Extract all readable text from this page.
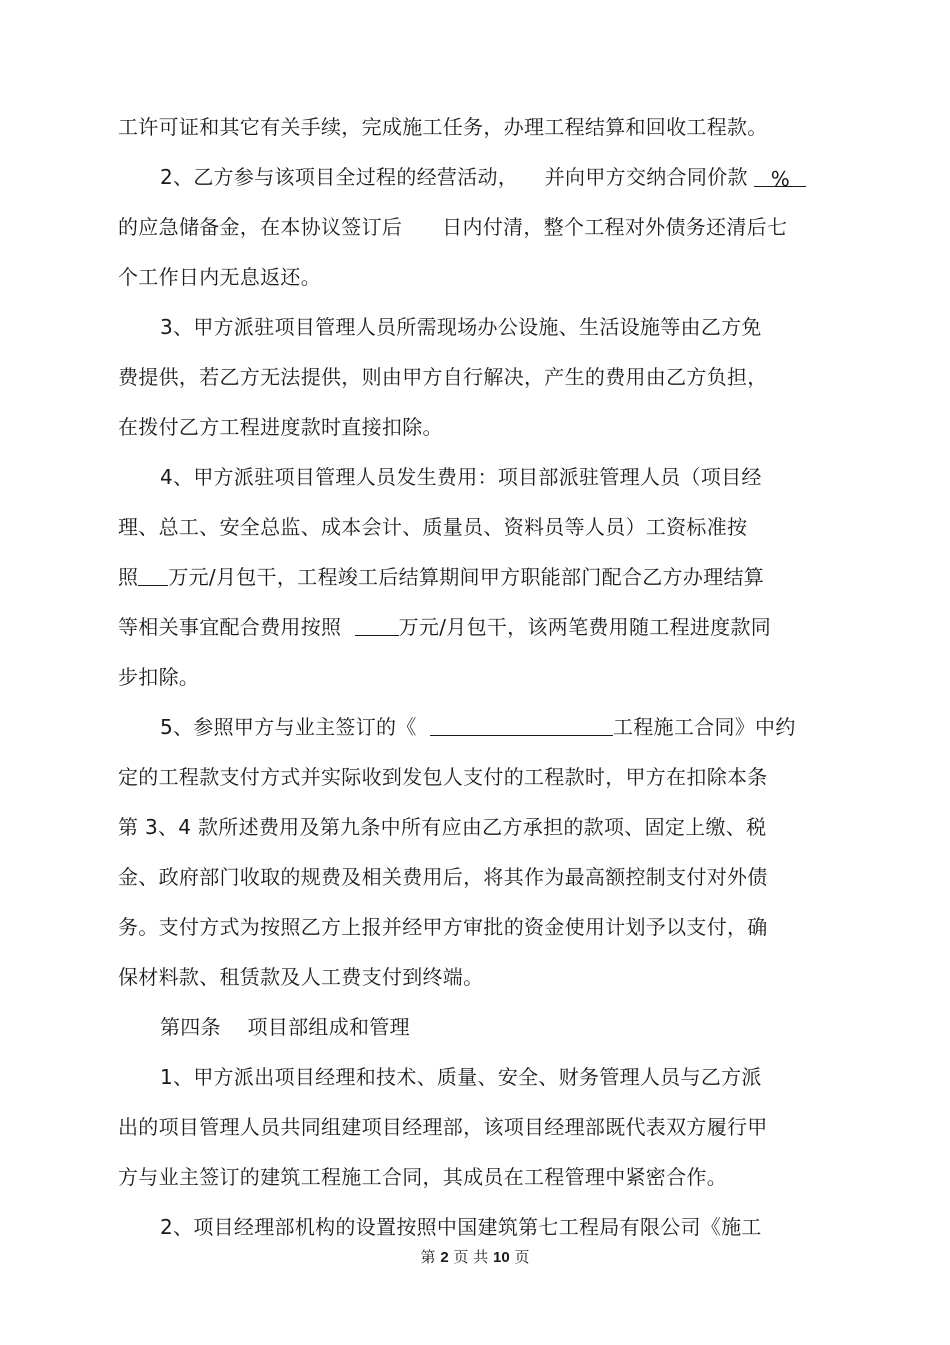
工许可证和其它有关手续，完成施工任务，办理工程结算和回收工程款。

2、乙方参与该项目全过程的经营活动，    并向甲方交纳合同价款 %

的应急储备金，在本协议签订后      日内付清，整个工程对外债务还清后七

个工作日内无息返还。

3、甲方派驻项目管理人员所需现场办公设施、生活设施等由乙方免

费提供，若乙方无法提供，则由甲方自行解决，产生的费用由乙方负担，

在拨付乙方工程进度款时直接扣除。

4、甲方派驻项目管理人员发生费用：项目部派驻管理人员（项目经

理、总工、安全总监、成本会计、质量员、资料员等人员）工资标准按

照 万元/月包干，工程竣工后结算期间甲方职能部门配合乙方办理结算

等相关事宜配合费用按照  万元/月包干，该两笔费用随工程进度款同

步扣除。

5、参照甲方与业主签订的《	工程施工合同》中约

定的工程款支付方式并实际收到发包人支付的工程款时，甲方在扣除本条

第 3、4 款所述费用及第九条中所有应由乙方承担的款项、固定上缴、税

金、政府部门收取的规费及相关费用后，将其作为最高额控制支付对外债

务。支付方式为按照乙方上报并经甲方审批的资金使用计划予以支付，确

保材料款、租赁款及人工费支付到终端。

第四条    项目部组成和管理

1、甲方派出项目经理和技术、质量、安全、财务管理人员与乙方派

出的项目管理人员共同组建项目经理部，该项目经理部既代表双方履行甲

方与业主签订的建筑工程施工合同，其成员在工程管理中紧密合作。

2、项目经理部机构的设置按照中国建筑第七工程局有限公司《施工

第 2 页 共 10 页
